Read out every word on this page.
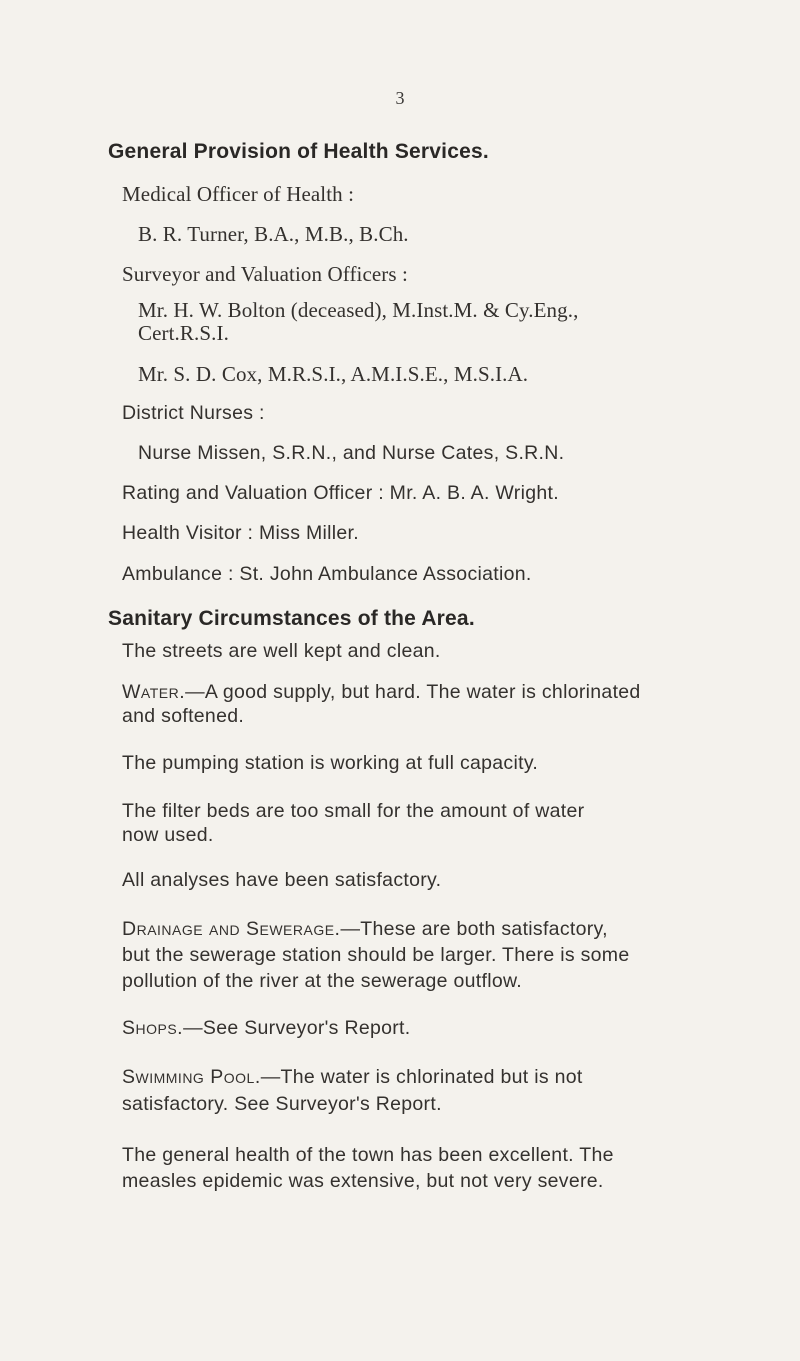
3
General Provision of Health Services.
Medical Officer of Health :
B. R. Turner, B.A., M.B., B.Ch.
Surveyor and Valuation Officers :
Mr. H. W. Bolton (deceased), M.Inst.M. & Cy.Eng.,
Cert.R.S.I.
Mr. S. D. Cox, M.R.S.I., A.M.I.S.E., M.S.I.A.
District Nurses :
Nurse Missen, S.R.N., and Nurse Cates, S.R.N.
Rating and Valuation Officer : Mr. A. B. A. Wright.
Health Visitor : Miss Miller.
Ambulance : St. John Ambulance Association.
Sanitary Circumstances of the Area.
The streets are well kept and clean.
Water.—A good supply, but hard. The water is chlorinated
and softened.
The pumping station is working at full capacity.
The filter beds are too small for the amount of water
now used.
All analyses have been satisfactory.
Drainage and Sewerage.—These are both satisfactory,
but the sewerage station should be larger. There is some
pollution of the river at the sewerage outflow.
Shops.—See Surveyor's Report.
Swimming Pool.—The water is chlorinated but is not
satisfactory. See Surveyor's Report.
The general health of the town has been excellent. The
measles epidemic was extensive, but not very severe.
